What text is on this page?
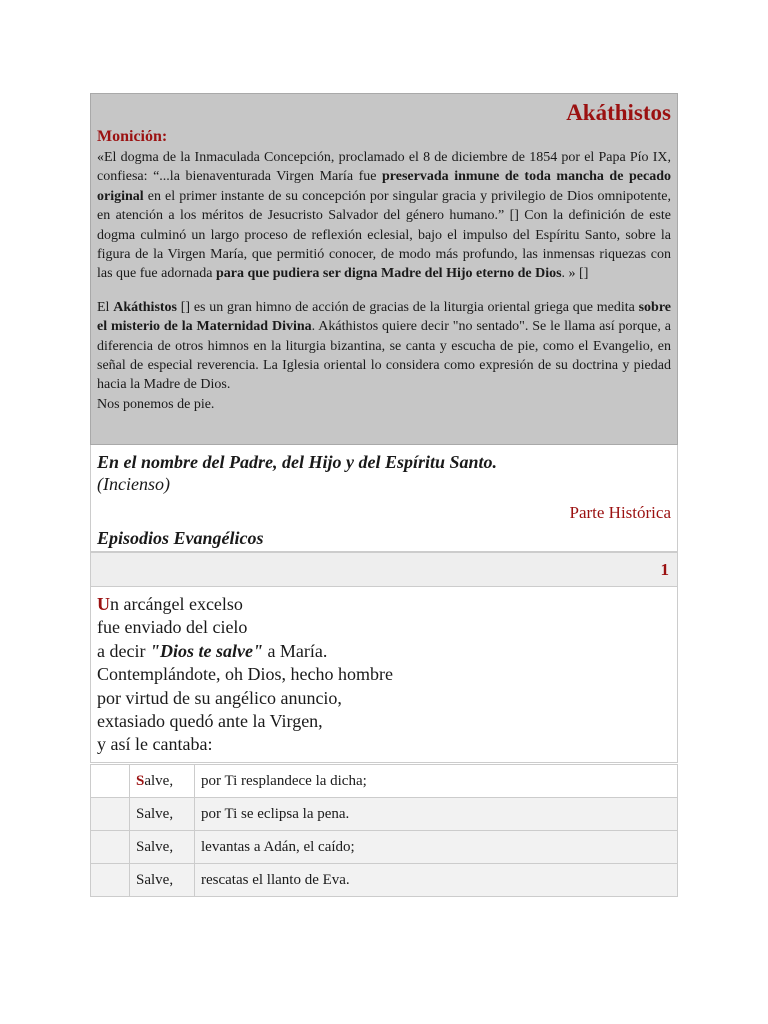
Akáthistos
Monición:

«El dogma de la Inmaculada Concepción, proclamado el 8 de diciembre de 1854 por el Papa Pío IX, confiesa: “...la bienaventurada Virgen María fue preservada inmune de toda mancha de pecado original en el primer instante de su concepción por singular gracia y privilegio de Dios omnipotente, en atención a los méritos de Jesucristo Salvador del género humano.” [] Con la definición de este dogma culminó un largo proceso de reflexión eclesial, bajo el impulso del Espíritu Santo, sobre la figura de la Virgen María, que permitió conocer, de modo más profundo, las inmensas riquezas con las que fue adornada para que pudiera ser digna Madre del Hijo eterno de Dios. » []

El Akáthistos [] es un gran himno de acción de gracias de la liturgia oriental griega que medita sobre el misterio de la Maternidad Divina. Akáthistos quiere decir "no sentado". Se le llama así porque, a diferencia de otros himnos en la liturgia bizantina, se canta y escucha de pie, como el Evangelio, en señal de especial reverencia. La Iglesia oriental lo considera como expresión de su doctrina y piedad hacia la Madre de Dios.

Nos ponemos de pie.

En el nombre del Padre, del Hijo y del Espíritu Santo.

(Incienso)

Parte Histórica

Episodios Evangélicos

1

Un arcángel excelso

fue enviado del cielo

a decir "Dios te salve" a María.

Contemplándote, oh Dios, hecho hombre

por virtud de su angélico anuncio,

extasiado quedó ante la Virgen,

y así le cantaba:

	Salve,	por Ti resplandece la dicha;
	Salve,	por Ti se eclipsa la pena.
	Salve,	levantas a Adán, el caído;
	Salve,	rescatas el llanto de Eva.
